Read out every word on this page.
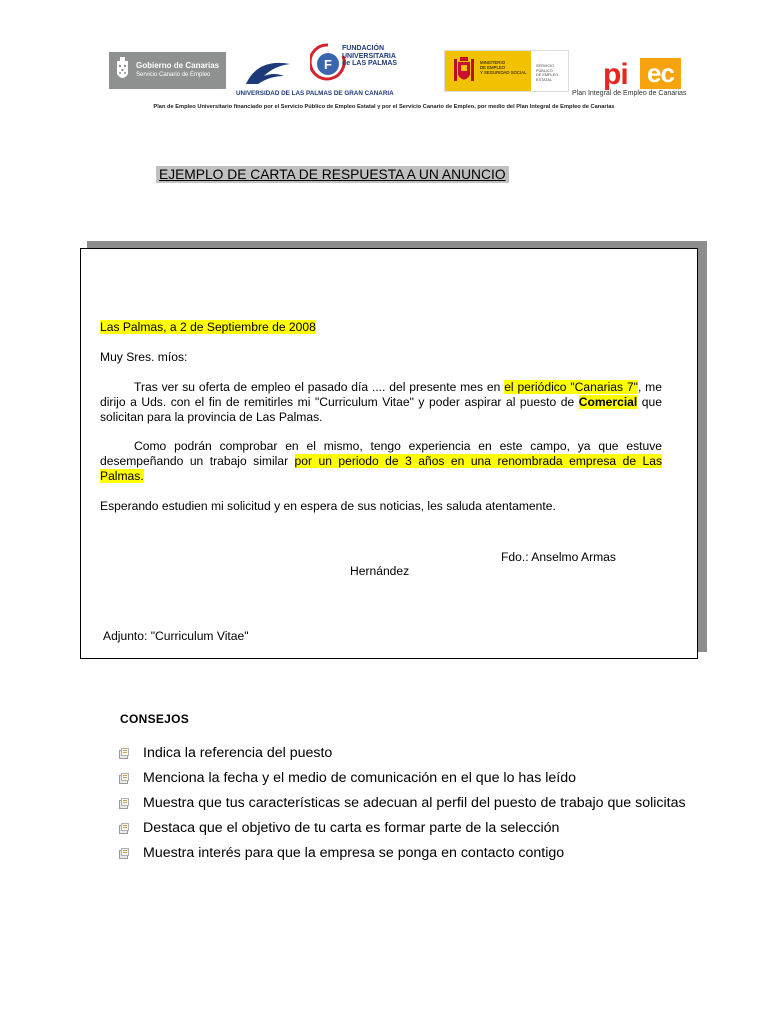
Gobierno de Canarias
Servicio Canario de Empleo
F
FUNDACIÓN
UNIVERSITARIA
de LAS PALMAS
UNIVERSIDAD DE LAS PALMAS DE GRAN CANARIA
MINISTERIO
DE EMPLEO
Y SEGURIDAD SOCIAL
SERVICIO PÚBLICO
DE EMPLEO ESTATAL	pi ec
Plan Integral de Empleo de Canarias
Plan de Empleo Universitario financiado por el Servicio Público de Empleo Estatal y por el Servicio Canario de Empleo, por medio del Plan Integral de Empleo de Canarias
EJEMPLO DE CARTA DE RESPUESTA A UN ANUNCIO
Las Palmas, a 2 de Septiembre de 2008
Muy Sres. míos:
Tras ver su oferta de empleo el pasado día .... del presente mes en el periódico "Canarias 7", me dirijo a Uds. con el fin de remitirles mi "Curriculum Vitae" y poder aspirar al puesto de Comercial que solicitan para la provincia de Las Palmas.
Como podrán comprobar en el mismo, tengo experiencia en este campo, ya que estuve desempeñando un trabajo similar por un periodo de 3 años en una renombrada empresa de Las Palmas.
Esperando estudien mi solicitud y en espera de sus noticias, les saluda atentamente.
Fdo.: Anselmo Armas
Hernández
Adjunto: "Curriculum Vitae"
CONSEJOS
Indica la referencia del puesto
Menciona la fecha y el medio de comunicación en el que lo has leído
Muestra que tus características se adecuan al perfil del puesto de trabajo que solicitas
Destaca que el objetivo de tu carta es formar parte de la selección
Muestra interés para que la empresa se ponga en contacto contigo
